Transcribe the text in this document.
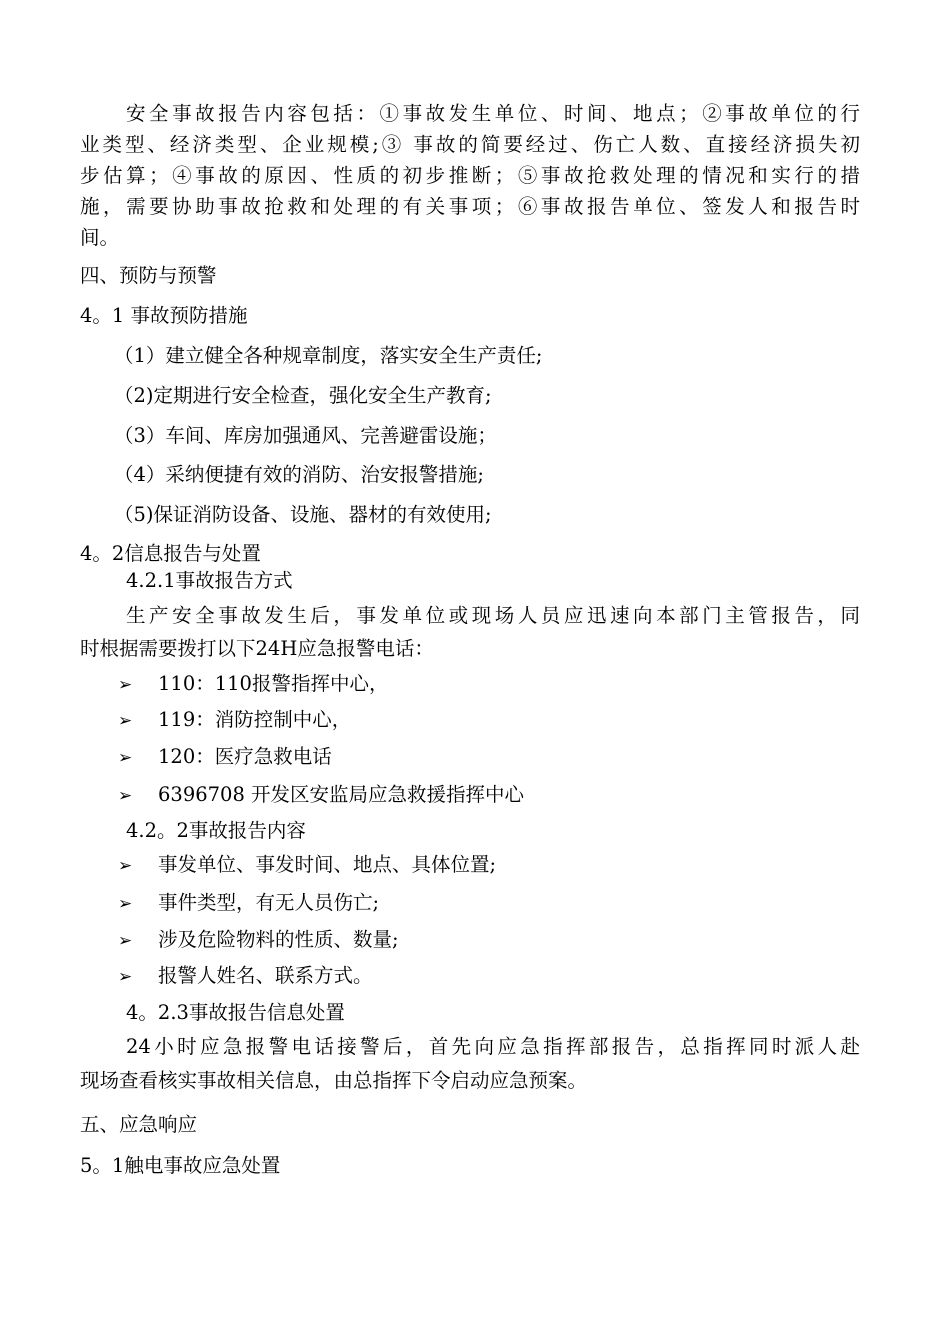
安全事故报告内容包括：①事故发生单位、时间、地点；②事故单位的行
业类型、经济类型、企业规模;③ 事故的简要经过、伤亡人数、直接经济损失初
步估算；④事故的原因、性质的初步推断；⑤事故抢救处理的情况和实行的措
施，需要协助事故抢救和处理的有关事项；⑥事故报告单位、签发人和报告时
间。
四、预防与预警
4。1 事故预防措施
（1）建立健全各种规章制度，落实安全生产责任;
（2)定期进行安全检查，强化安全生产教育;
（3）车间、库房加强通风、完善避雷设施；
（4）采纳便捷有效的消防、治安报警措施;
（5)保证消防设备、设施、器材的有效使用;
4。2信息报告与处置
4.2.1事故报告方式
生产安全事故发生后，事发单位或现场人员应迅速向本部门主管报告，同
时根据需要拨打以下24H应急报警电话：
➢ 110：110报警指挥中心，
➢ 119：消防控制中心，
➢ 120：医疗急救电话
➢ 6396708 开发区安监局应急救援指挥中心
4.2。2事故报告内容
➢ 事发单位、事发时间、地点、具体位置;
➢ 事件类型，有无人员伤亡;
➢ 涉及危险物料的性质、数量;
➢ 报警人姓名、联系方式。
4。2.3事故报告信息处置
24小时应急报警电话接警后，首先向应急指挥部报告，总指挥同时派人赴
现场查看核实事故相关信息，由总指挥下令启动应急预案。
五、应急响应
5。1触电事故应急处置
